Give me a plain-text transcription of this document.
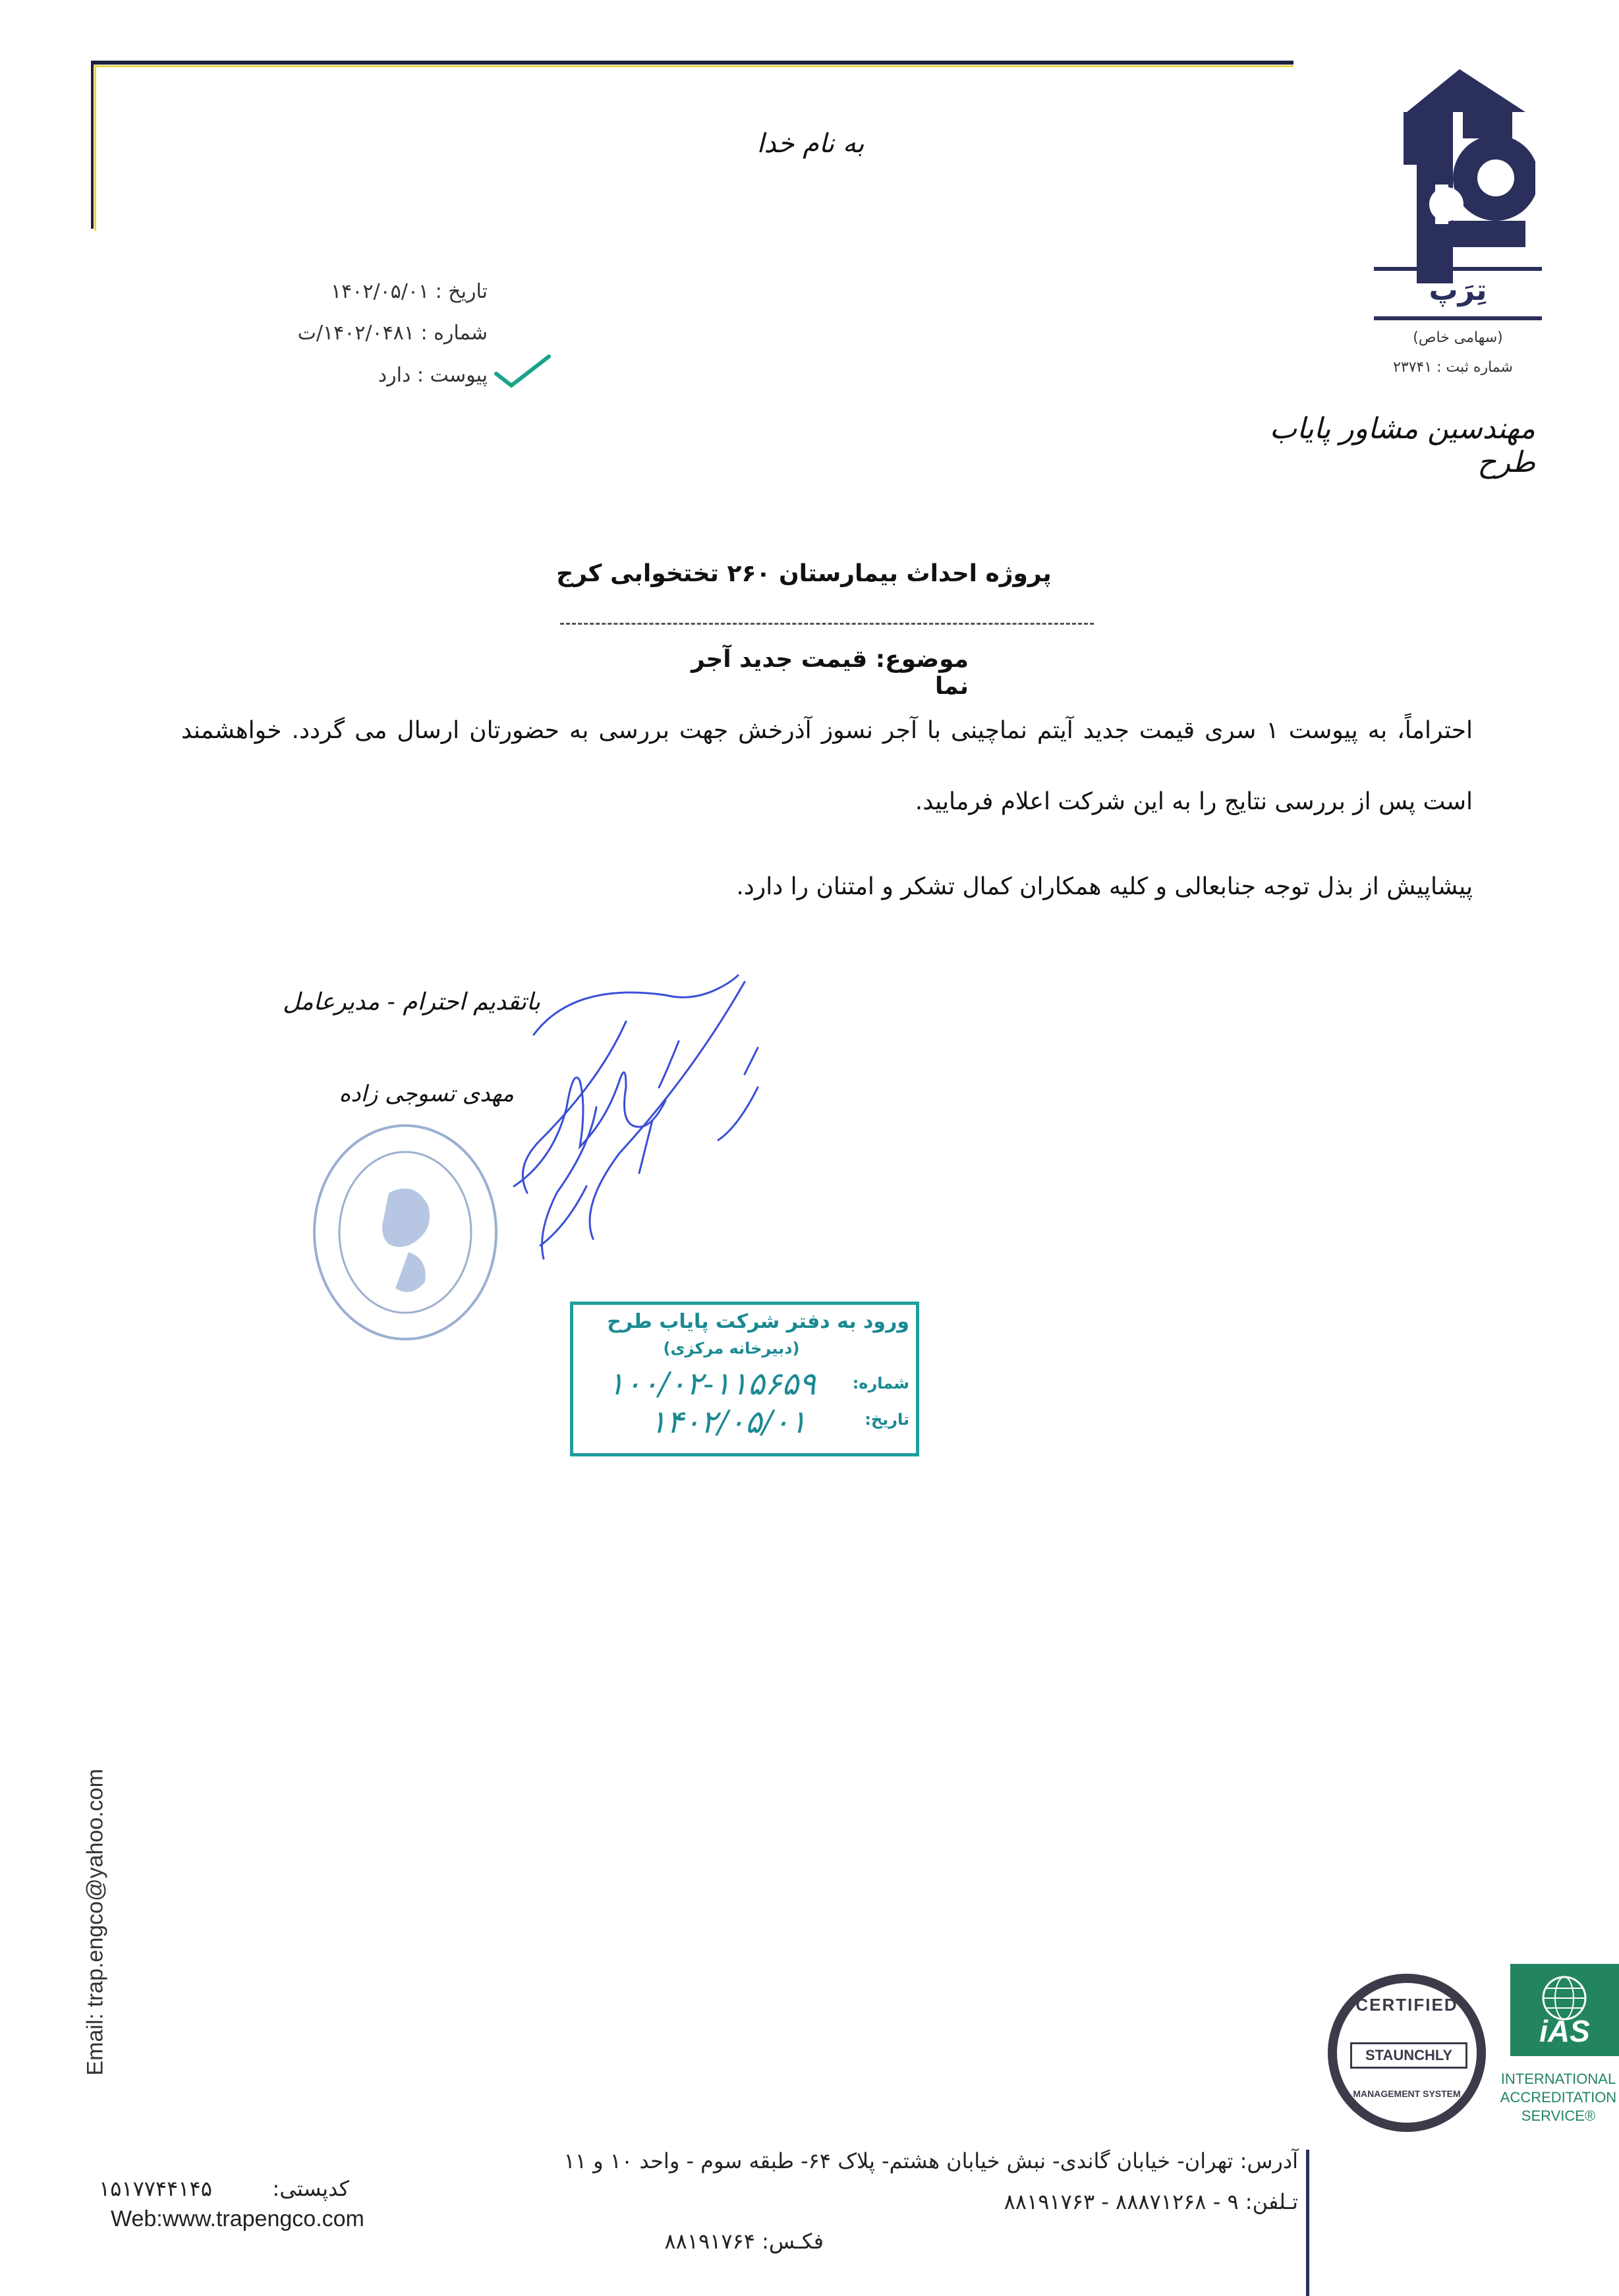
به نام خدا
تاریخ : ۱۴۰۲/۰۵/۰۱
شماره : ۱۴۰۲/۰۴۸۱/ت
پیوست : دارد
تِرَپ
(سهامی خاص)
شماره ثبت : ۲۳۷۴۱
مهندسین مشاور پایاب طرح
پروژه احداث بیمارستان ۲۶۰ تختخوابی کرج
موضوع: قیمت جدید آجر نما
احتراماً، به پیوست ۱ سری قیمت جدید آیتم نماچینی با آجر نسوز آذرخش جهت بررسی به حضورتان ارسال می گردد. خواهشمند است پس از بررسی نتایج را به این شرکت اعلام فرمایید.
پیشاپیش از بذل توجه جنابعالی و کلیه همکاران کمال تشکر و امتنان را دارد.
باتقدیم احترام - مدیرعامل
مهدی تسوجی زاده
ورود به دفتر شرکت پایاب طرح
(دبیرخانه مرکزی)
شماره:
۱۰۰/۰۲-۱۱۵۶۵۹
تاریخ:
۱۴۰۲/۰۵/۰۱
Email: trap.engco@yahoo.com	CERTIFIED
STAUNCHLY
MANAGEMENT SYSTEM
iAS
INTERNATIONAL
ACCREDITATION
SERVICE®
آدرس: تهران- خیابان گاندی- نبش خیابان هشتم- پلاک ۶۴- طبقه سوم - واحد ۱۰ و ۱۱
تـلفن: ۹ - ۸۸۸۷۱۲۶۸ - ۸۸۱۹۱۷۶۳
فکـس: ۸۸۱۹۱۷۶۴
کدپستی:
۱۵۱۷۷۴۴۱۴۵
Web:www.trapengco.com
